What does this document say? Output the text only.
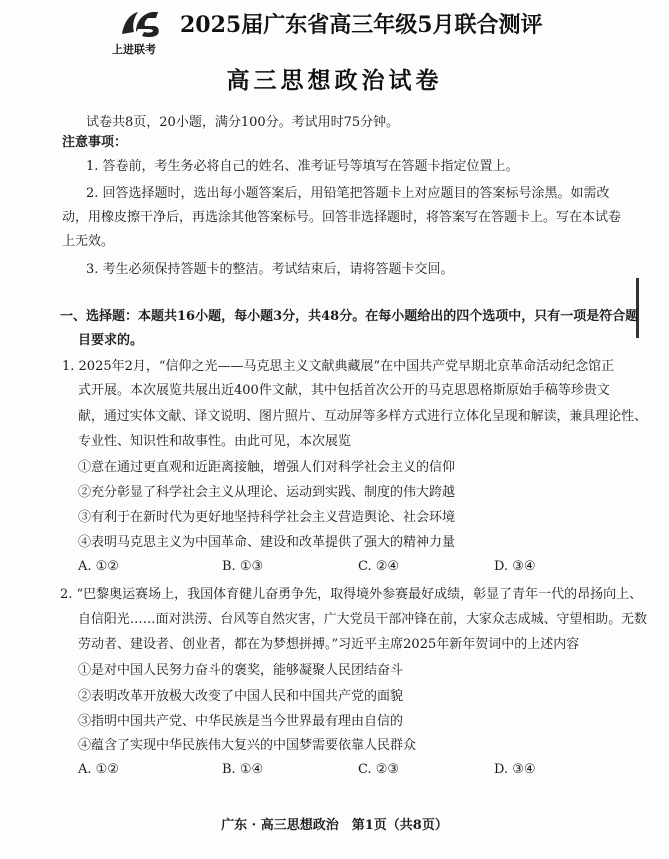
上进联考
2025届广东省高三年级5月联合测评
高三思想政治试卷
试卷共8页，20小题，满分100分。考试用时75分钟。
注意事项：
1. 答卷前，考生务必将自己的姓名、准考证号等填写在答题卡指定位置上。
2. 回答选择题时，选出每小题答案后，用铅笔把答题卡上对应题目的答案标号涂黑。如需改
动，用橡皮擦干净后，再选涂其他答案标号。回答非选择题时，将答案写在答题卡上。写在本试卷
上无效。
3. 考生必须保持答题卡的整洁。考试结束后，请将答题卡交回。
一、选择题：本题共16小题，每小题3分，共48分。在每小题给出的四个选项中，只有一项是符合题
目要求的。
1. 2025年2月，“信仰之光——马克思主义文献典藏展”在中国共产党早期北京革命活动纪念馆正
式开展。本次展览共展出近400件文献，其中包括首次公开的马克思恩格斯原始手稿等珍贵文
献，通过实体文献、译文说明、图片照片、互动屏等多样方式进行立体化呈现和解读，兼具理论性、
专业性、知识性和故事性。由此可见，本次展览
①意在通过更直观和近距离接触，增强人们对科学社会主义的信仰
②充分彰显了科学社会主义从理论、运动到实践、制度的伟大跨越
③有利于在新时代为更好地坚持科学社会主义营造舆论、社会环境
④表明马克思主义为中国革命、建设和改革提供了强大的精神力量
A. ①②	B. ①③	C. ②④	D. ③④
2. “巴黎奥运赛场上，我国体育健儿奋勇争先，取得境外参赛最好成绩，彰显了青年一代的昂扬向上、
自信阳光……面对洪涝、台风等自然灾害，广大党员干部冲锋在前，大家众志成城、守望相助。无数
劳动者、建设者、创业者，都在为梦想拼搏。”习近平主席2025年新年贺词中的上述内容
①是对中国人民努力奋斗的褒奖，能够凝聚人民团结奋斗
②表明改革开放极大改变了中国人民和中国共产党的面貌
③指明中国共产党、中华民族是当今世界最有理由自信的
④蕴含了实现中华民族伟大复兴的中国梦需要依靠人民群众
A. ①②	B. ①④	C. ②③	D. ③④
广东 · 高三思想政治　第1页（共8页）
